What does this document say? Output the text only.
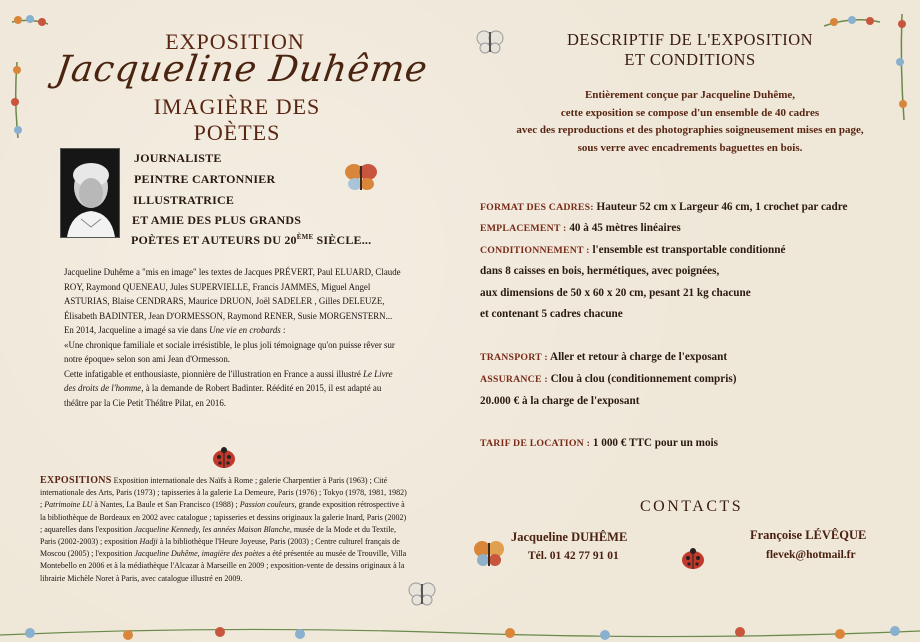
EXPOSITION
Jacqueline Duhême
IMAGIÈRE DES POÈTES
JOURNALISTE
PEINTRE CARTONNIER
ILLUSTRATRICE
ET AMIE DES PLUS GRANDS
POÈTES ET AUTEURS DU 20ÈME SIÈCLE...

Jacqueline Duhême a "mis en image" les textes de Jacques PRÉVERT, Paul ELUARD, Claude ROY, Raymond QUENEAU, Jules SUPERVIELLE, Francis JAMMES, Miguel Angel ASTURIAS, Blaise CENDRARS, Maurice DRUON, Joël SADELER , Gilles DELEUZE, Élisabeth BADINTER, Jean D'ORMESSON, Raymond RENER, Susie MORGENSTERN...

En 2014, Jacqueline a imagé sa vie dans Une vie en crobards :

«Une chronique familiale et sociale irrésistible, le plus joli témoignage qu'on puisse rêver sur notre époque» selon son ami Jean d'Ormesson.

Cette infatigable et enthousiaste, pionnière de l'illustration en France a aussi illustré Le Livre des droits de l'homme, à la demande de Robert Badinter. Réédité en 2015, il est adapté au théâtre par la Cie Petit Théâtre Pilat, en 2016.

EXPOSITIONS Exposition internationale des Naïfs à Rome ; galerie Charpentier à Paris (1963) ; Cité internationale des Arts, Paris (1973) ; tapisseries à la galerie La Demeure, Paris (1976) ; Tokyo (1978, 1981, 1982) ; Patrimoine LU à Nantes, La Baule et San Francisco (1988) ; Passion couleurs, grande exposition rétrospective à la bibliothèque de Bordeaux en 2002 avec catalogue ; tapisseries et dessins originaux la galerie Inard, Paris (2002) ; aquarelles dans l'exposition Jacqueline Kennedy, les années Maison Blanche, musée de la Mode et du Textile, Paris (2002-2003) ; exposition Hadji à la bibliothèque l'Heure Joyeuse, Paris (2003) ; Centre culturel français de Moscou (2005) ; l'exposition Jacqueline Duhême, imagière des poètes a été présentée au musée de Trouville, Villa Montebello en 2006 et à la médiathèque l'Alcazar à Marseille en 2009 ; exposition-vente de dessins originaux à la librairie Michèle Noret à Paris, avec catalogue illustré en 2009.
DESCRIPTIF DE L'EXPOSITION
ET CONDITIONS
Entièrement conçue par Jacqueline Duhême,
cette exposition se compose d'un ensemble de 40 cadres
avec des reproductions et des photographies soigneusement mises en page,
sous verre avec encadrements baguettes en bois.
FORMAT DES CADRES: Hauteur 52 cm x Largeur 46 cm, 1 crochet par cadre
EMPLACEMENT : 40 à 45 mètres linéaires
CONDITIONNEMENT : l'ensemble est transportable conditionné
dans 8 caisses en bois, hermétiques, avec poignées,
aux dimensions de 50 x 60 x 20 cm, pesant 21 kg chacune
et contenant 5 cadres chacune
TRANSPORT : Aller et retour à charge de l'exposant
ASSURANCE : Clou à clou (conditionnement compris)
20.000 € à la charge de l'exposant
TARIF DE LOCATION : 1 000 € TTC pour un mois
CONTACTS
Jacqueline DUHÊME
Tél. 01 42 77 91 01
Françoise LÉVÊQUE
flevek@hotmail.fr
